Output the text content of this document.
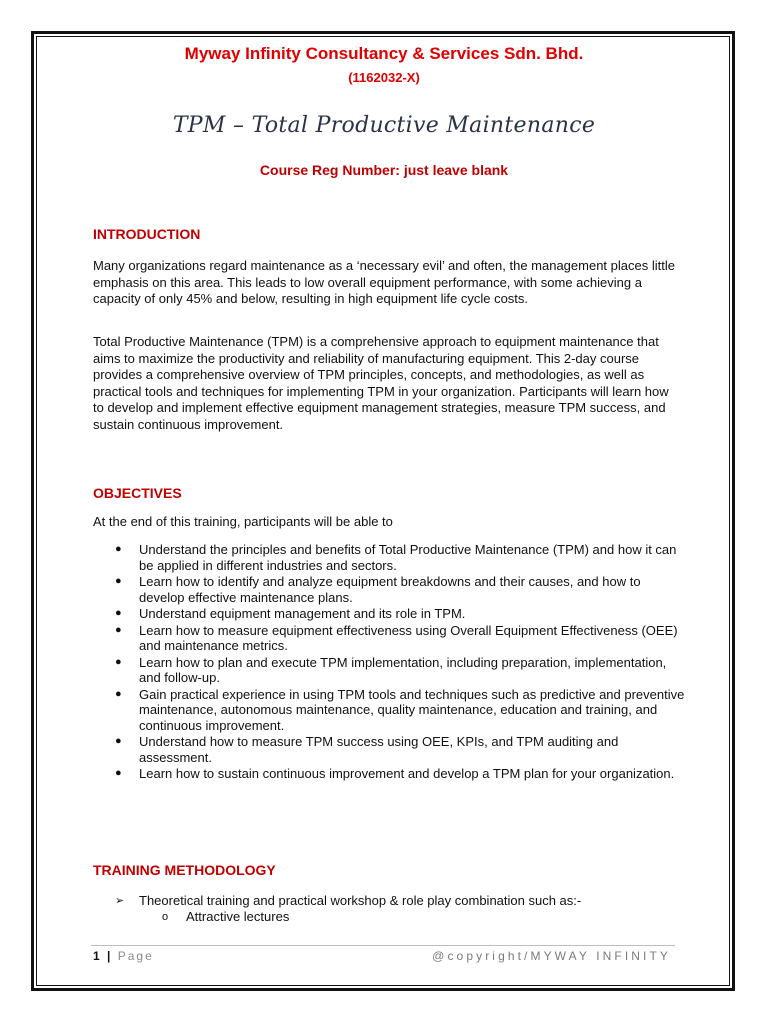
Myway Infinity Consultancy & Services Sdn. Bhd.
(1162032-X)
TPM – Total Productive Maintenance
Course Reg Number: just leave blank
INTRODUCTION

Many organizations regard maintenance as a ‘necessary evil’ and often, the management places little emphasis on this area. This leads to low overall equipment performance, with some achieving a capacity of only 45% and below, resulting in high equipment life cycle costs.

Total Productive Maintenance (TPM) is a comprehensive approach to equipment maintenance that aims to maximize the productivity and reliability of manufacturing equipment. This 2-day course provides a comprehensive overview of TPM principles, concepts, and methodologies, as well as practical tools and techniques for implementing TPM in your organization. Participants will learn how to develop and implement effective equipment management strategies, measure TPM success, and sustain continuous improvement.

OBJECTIVES

At the end of this training, participants will be able to

● Understand the principles and benefits of Total Productive Maintenance (TPM) and how it can be applied in different industries and sectors.
● Learn how to identify and analyze equipment breakdowns and their causes, and how to develop effective maintenance plans.
● Understand equipment management and its role in TPM.
● Learn how to measure equipment effectiveness using Overall Equipment Effectiveness (OEE) and maintenance metrics.
● Learn how to plan and execute TPM implementation, including preparation, implementation, and follow-up.
● Gain practical experience in using TPM tools and techniques such as predictive and preventive maintenance, autonomous maintenance, quality maintenance, education and training, and continuous improvement.
● Understand how to measure TPM success using OEE, KPIs, and TPM auditing and assessment.
● Learn how to sustain continuous improvement and develop a TPM plan for your organization.
TRAINING METHODOLOGY
➢ Theoretical training and practical workshop & role play combination such as:-
o Attractive lectures
1 | Page	@copyright/MYWAY INFINITY
